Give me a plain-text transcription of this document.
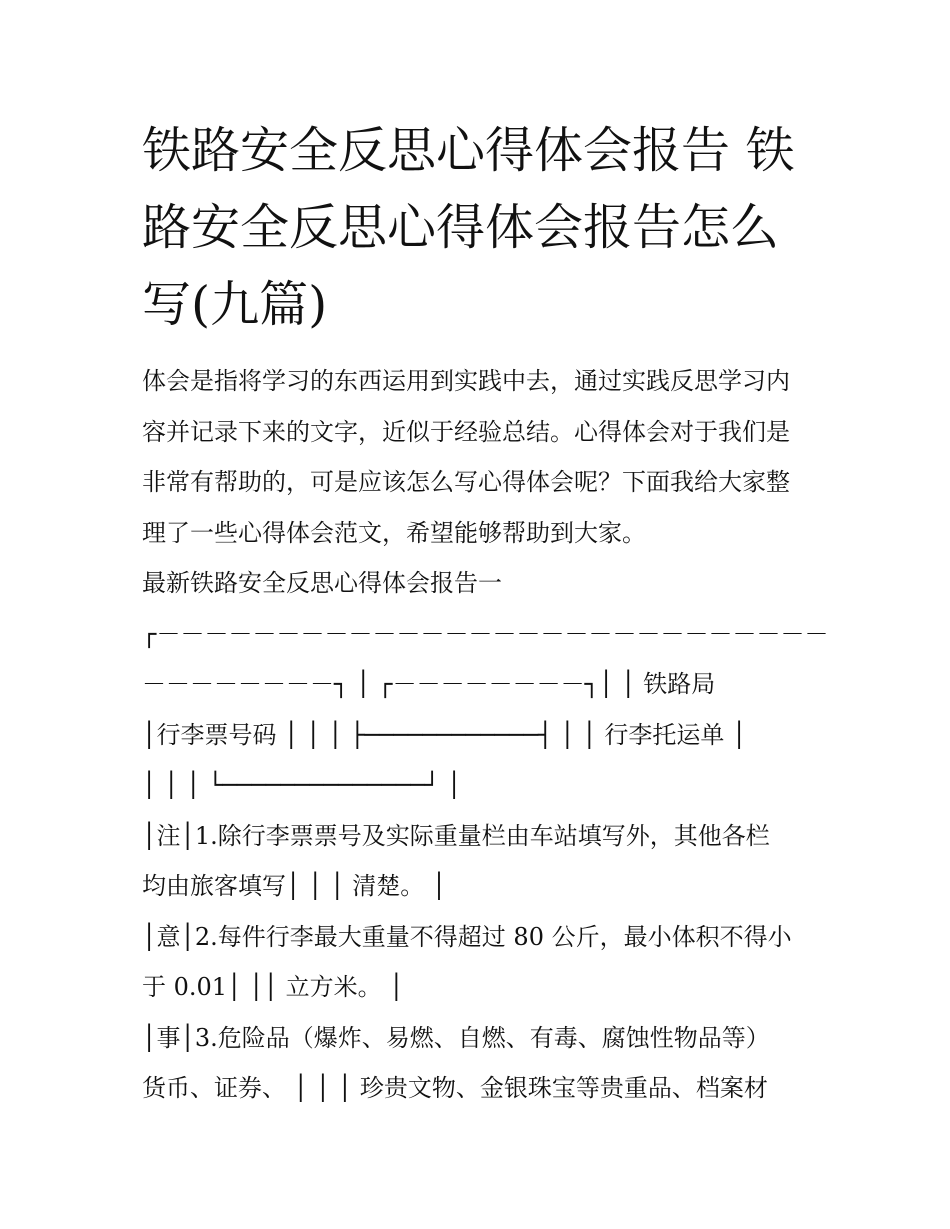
铁路安全反思心得体会报告 铁
路安全反思心得体会报告怎么
写(九篇)
体会是指将学习的东西运用到实践中去，通过实践反思学习内
容并记录下来的文字，近似于经验总结。心得体会对于我们是
非常有帮助的，可是应该怎么写心得体会呢？下面我给大家整
理了一些心得体会范文，希望能够帮助到大家。
最新铁路安全反思心得体会报告一
┌－－－－－－－－－－－－－－－－－－－－－－－－－－－－
－－－－－－－－┐ │ ┌－－－－－－－－┐│ │ 铁路局
│行李票号码 │ │ │ ├────────────┤ │ │ 行李托运单 │
│ │ │ └──────────────┘ │
│注│1.除行李票票号及实际重量栏由车站填写外，其他各栏
均由旅客填写│ │ │ 清楚。 │
│意│2.每件行李最大重量不得超过 80 公斤，最小体积不得小
于 0.01│ ││ 立方米。 │
│事│3.危险品（爆炸、易燃、自燃、有毒、腐蚀性物品等）
货币、证券、 │ │ │ 珍贵文物、金银珠宝等贵重品、档案材
